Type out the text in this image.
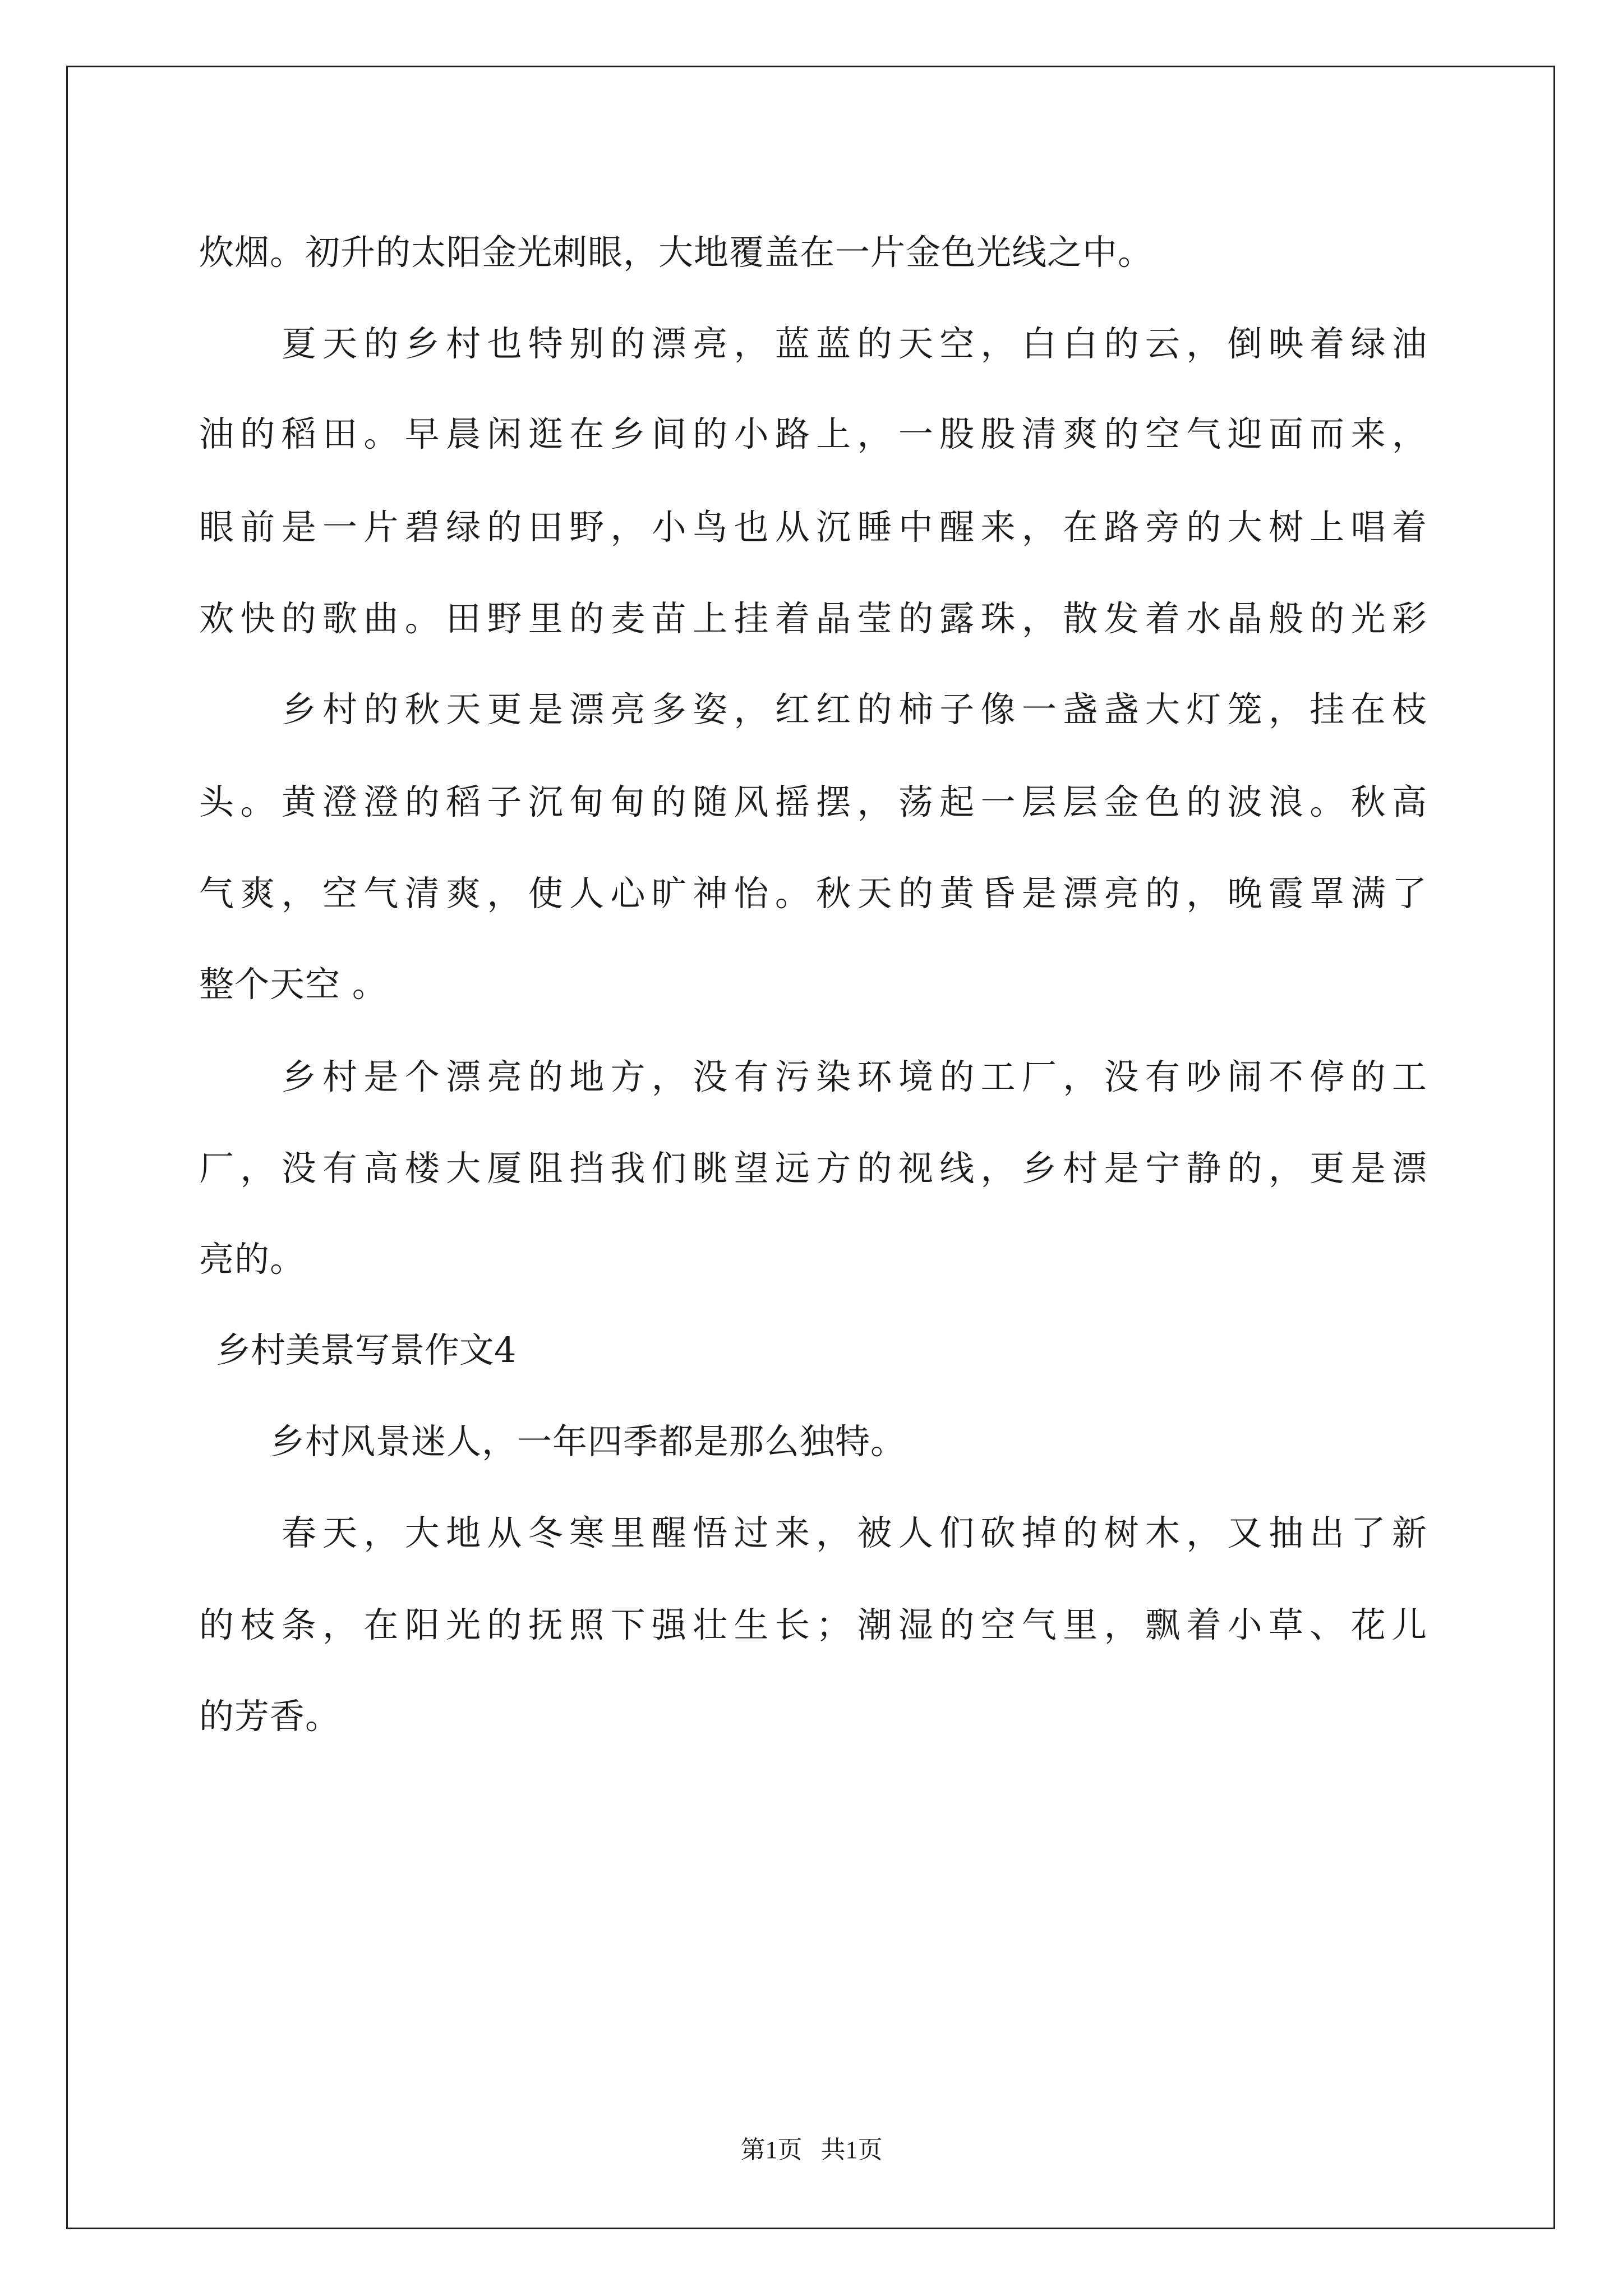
炊烟。初升的太阳金光刺眼，大地覆盖在一片金色光线之中。
　　夏天的乡村也特别的漂亮，蓝蓝的天空，白白的云，倒映着绿油
油的稻田。早晨闲逛在乡间的小路上，一股股清爽的空气迎面而来，
眼前是一片碧绿的田野，小鸟也从沉睡中醒来，在路旁的大树上唱着
欢快的歌曲。田野里的麦苗上挂着晶莹的露珠，散发着水晶般的光彩
　　乡村的秋天更是漂亮多姿，红红的柿子像一盏盏大灯笼，挂在枝
头。黄澄澄的稻子沉甸甸的随风摇摆，荡起一层层金色的波浪。秋高
气爽，空气清爽，使人心旷神怡。秋天的黄昏是漂亮的，晚霞罩满了
整个天空 。
　　乡村是个漂亮的地方，没有污染环境的工厂，没有吵闹不停的工
厂，没有高楼大厦阻挡我们眺望远方的视线，乡村是宁静的，更是漂
亮的。
乡村美景写景作文4
　　乡村风景迷人，一年四季都是那么独特。
　　春天，大地从冬寒里醒悟过来，被人们砍掉的树木，又抽出了新
的枝条，在阳光的抚照下强壮生长；潮湿的空气里，飘着小草、花儿
的芳香。
第1页   共1页
